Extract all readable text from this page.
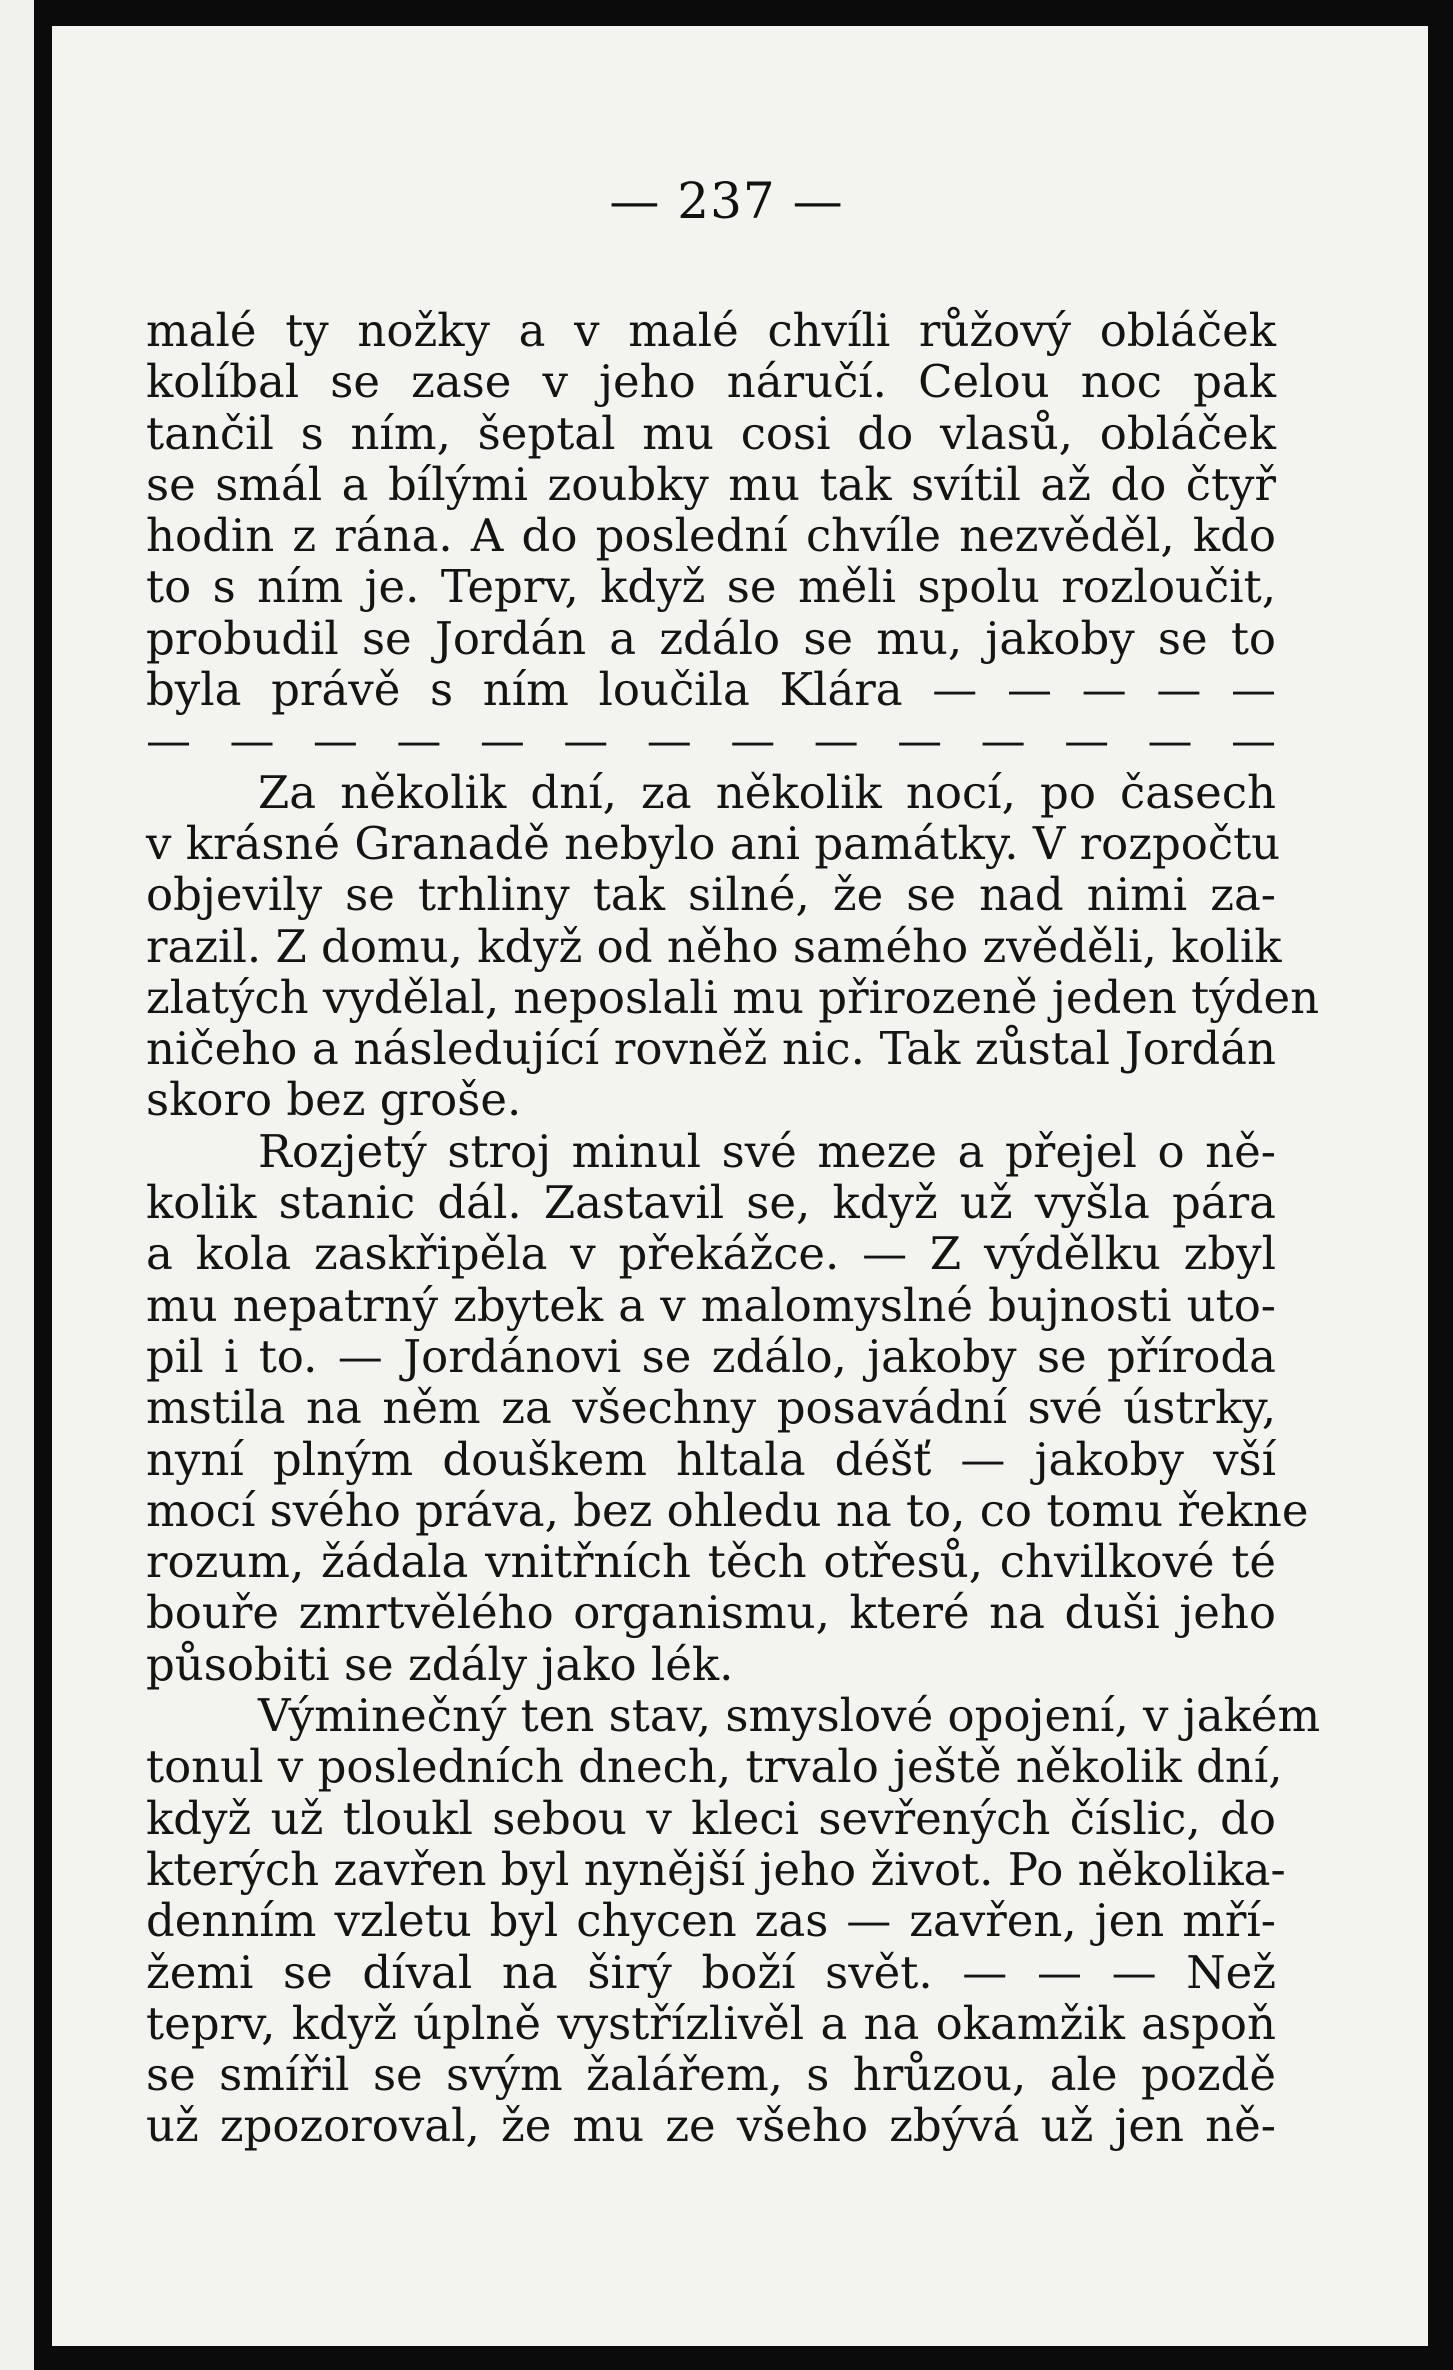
— 237 —
malé ty nožky a v malé chvíli růžový obláček
kolíbal se zase v jeho náručí. Celou noc pak
tančil s ním, šeptal mu cosi do vlasů, obláček
se smál a bílými zoubky mu tak svítil až do čtyř
hodin z rána. A do poslední chvíle nezvěděl, kdo
to s ním je. Teprv, když se měli spolu rozloučit,
probudil se Jordán a zdálo se mu, jakoby se to
byla právě s ním loučila Klára — — — — —
— — — — — — — — — — — — — —
Za několik dní, za několik nocí, po časech
v krásné Granadě nebylo ani památky. V rozpočtu
objevily se trhliny tak silné, že se nad nimi za-
razil. Z domu, když od něho samého zvěděli, kolik
zlatých vydělal, neposlali mu přirozeně jeden týden
ničeho a následující rovněž nic. Tak zůstal Jordán
skoro bez groše.
Rozjetý stroj minul své meze a přejel o ně-
kolik stanic dál. Zastavil se, když už vyšla pára
a kola zaskřipěla v překážce. — Z výdělku zbyl
mu nepatrný zbytek a v malomyslné bujnosti uto-
pil i to. — Jordánovi se zdálo, jakoby se příroda
mstila na něm za všechny posavádní své ústrky,
nyní plným douškem hltala déšť — jakoby vší
mocí svého práva, bez ohledu na to, co tomu řekne
rozum, žádala vnitřních těch otřesů, chvilkové té
bouře zmrtvělého organismu, které na duši jeho
působiti se zdály jako lék.
Výminečný ten stav, smyslové opojení, v jakém
tonul v posledních dnech, trvalo ještě několik dní,
když už tloukl sebou v kleci sevřených číslic, do
kterých zavřen byl nynější jeho život. Po několika-
denním vzletu byl chycen zas — zavřen, jen mří-
žemi se díval na širý boží svět. — — — Než
teprv, když úplně vystřízlivěl a na okamžik aspoň
se smířil se svým žalářem, s hrůzou, ale pozdě
už zpozoroval, že mu ze všeho zbývá už jen ně-
